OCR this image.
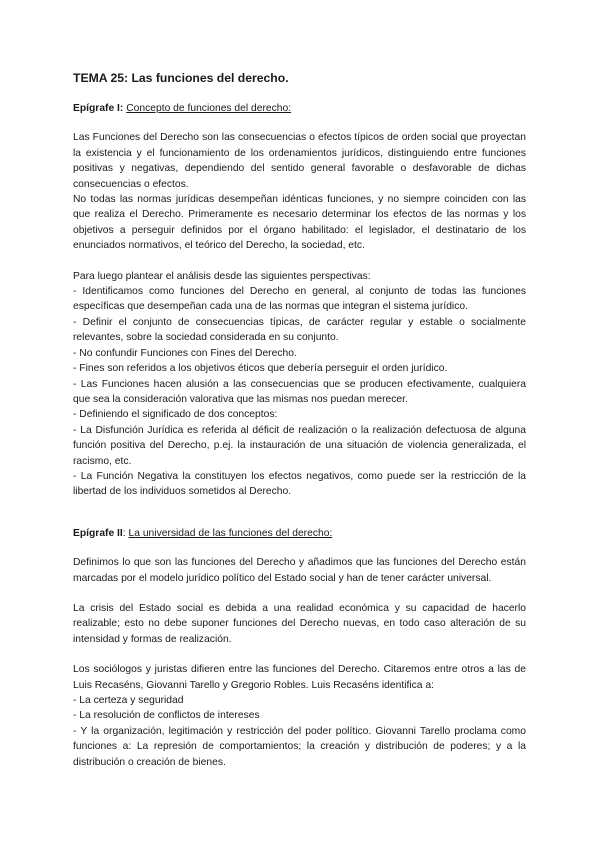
TEMA 25: Las funciones del derecho.

Epígrafe I: Concepto de funciones del derecho:

Las Funciones del Derecho son las consecuencias o efectos típicos de orden social que proyectan la existencia y el funcionamiento de los ordenamientos jurídicos, distinguiendo entre funciones positivas y negativas, dependiendo del sentido general favorable o desfavorable de dichas consecuencias o efectos.

No todas las normas jurídicas desempeñan idénticas funciones, y no siempre coinciden con las que realiza el Derecho. Primeramente es necesario determinar los efectos de las normas y los objetivos a perseguir definidos por el órgano habilitado: el legislador, el destinatario de los enunciados normativos, el teórico del Derecho, la sociedad, etc.

Para luego plantear el análisis desde las siguientes perspectivas:

- Identificamos como funciones del Derecho en general, al conjunto de todas las funciones específicas que desempeñan cada una de las normas que integran el sistema jurídico.

- Definir el conjunto de consecuencias típicas, de carácter regular y estable o socialmente relevantes, sobre la sociedad considerada en su conjunto.

- No confundir Funciones con Fines del Derecho.

- Fines son referidos a los objetivos éticos que debería perseguir el orden jurídico.

- Las Funciones hacen alusión a las consecuencias que se producen efectivamente, cualquiera que sea la consideración valorativa que las mismas nos puedan merecer.

- Definiendo el significado de dos conceptos:

- La Disfunción Jurídica es referida al déficit de realización o la realización defectuosa de alguna función positiva del Derecho, p.ej. la instauración de una situación de violencia generalizada, el racismo, etc.

- La Función Negativa la constituyen los efectos negativos, como puede ser la restricción de la libertad de los individuos sometidos al Derecho.

Epígrafe II: La universidad de las funciones del derecho:

Definimos lo que son las funciones del Derecho y añadimos que las funciones del Derecho están marcadas por el modelo jurídico político del Estado social y han de tener carácter universal.

La crisis del Estado social es debida a una realidad económica y su capacidad de hacerlo realizable; esto no debe suponer funciones del Derecho nuevas, en todo caso alteración de su intensidad y formas de realización.

Los sociólogos y juristas difieren entre las funciones del Derecho. Citaremos entre otros a las de Luis Recaséns, Giovanni Tarello y Gregorio Robles. Luis Recaséns identifica a:

- La certeza y seguridad

- La resolución de conflictos de intereses

- Y la organización, legitimación y restricción del poder político. Giovanni Tarello proclama como funciones a: La represión de comportamientos; la creación y distribución de poderes; y a la distribución o creación de bienes.
